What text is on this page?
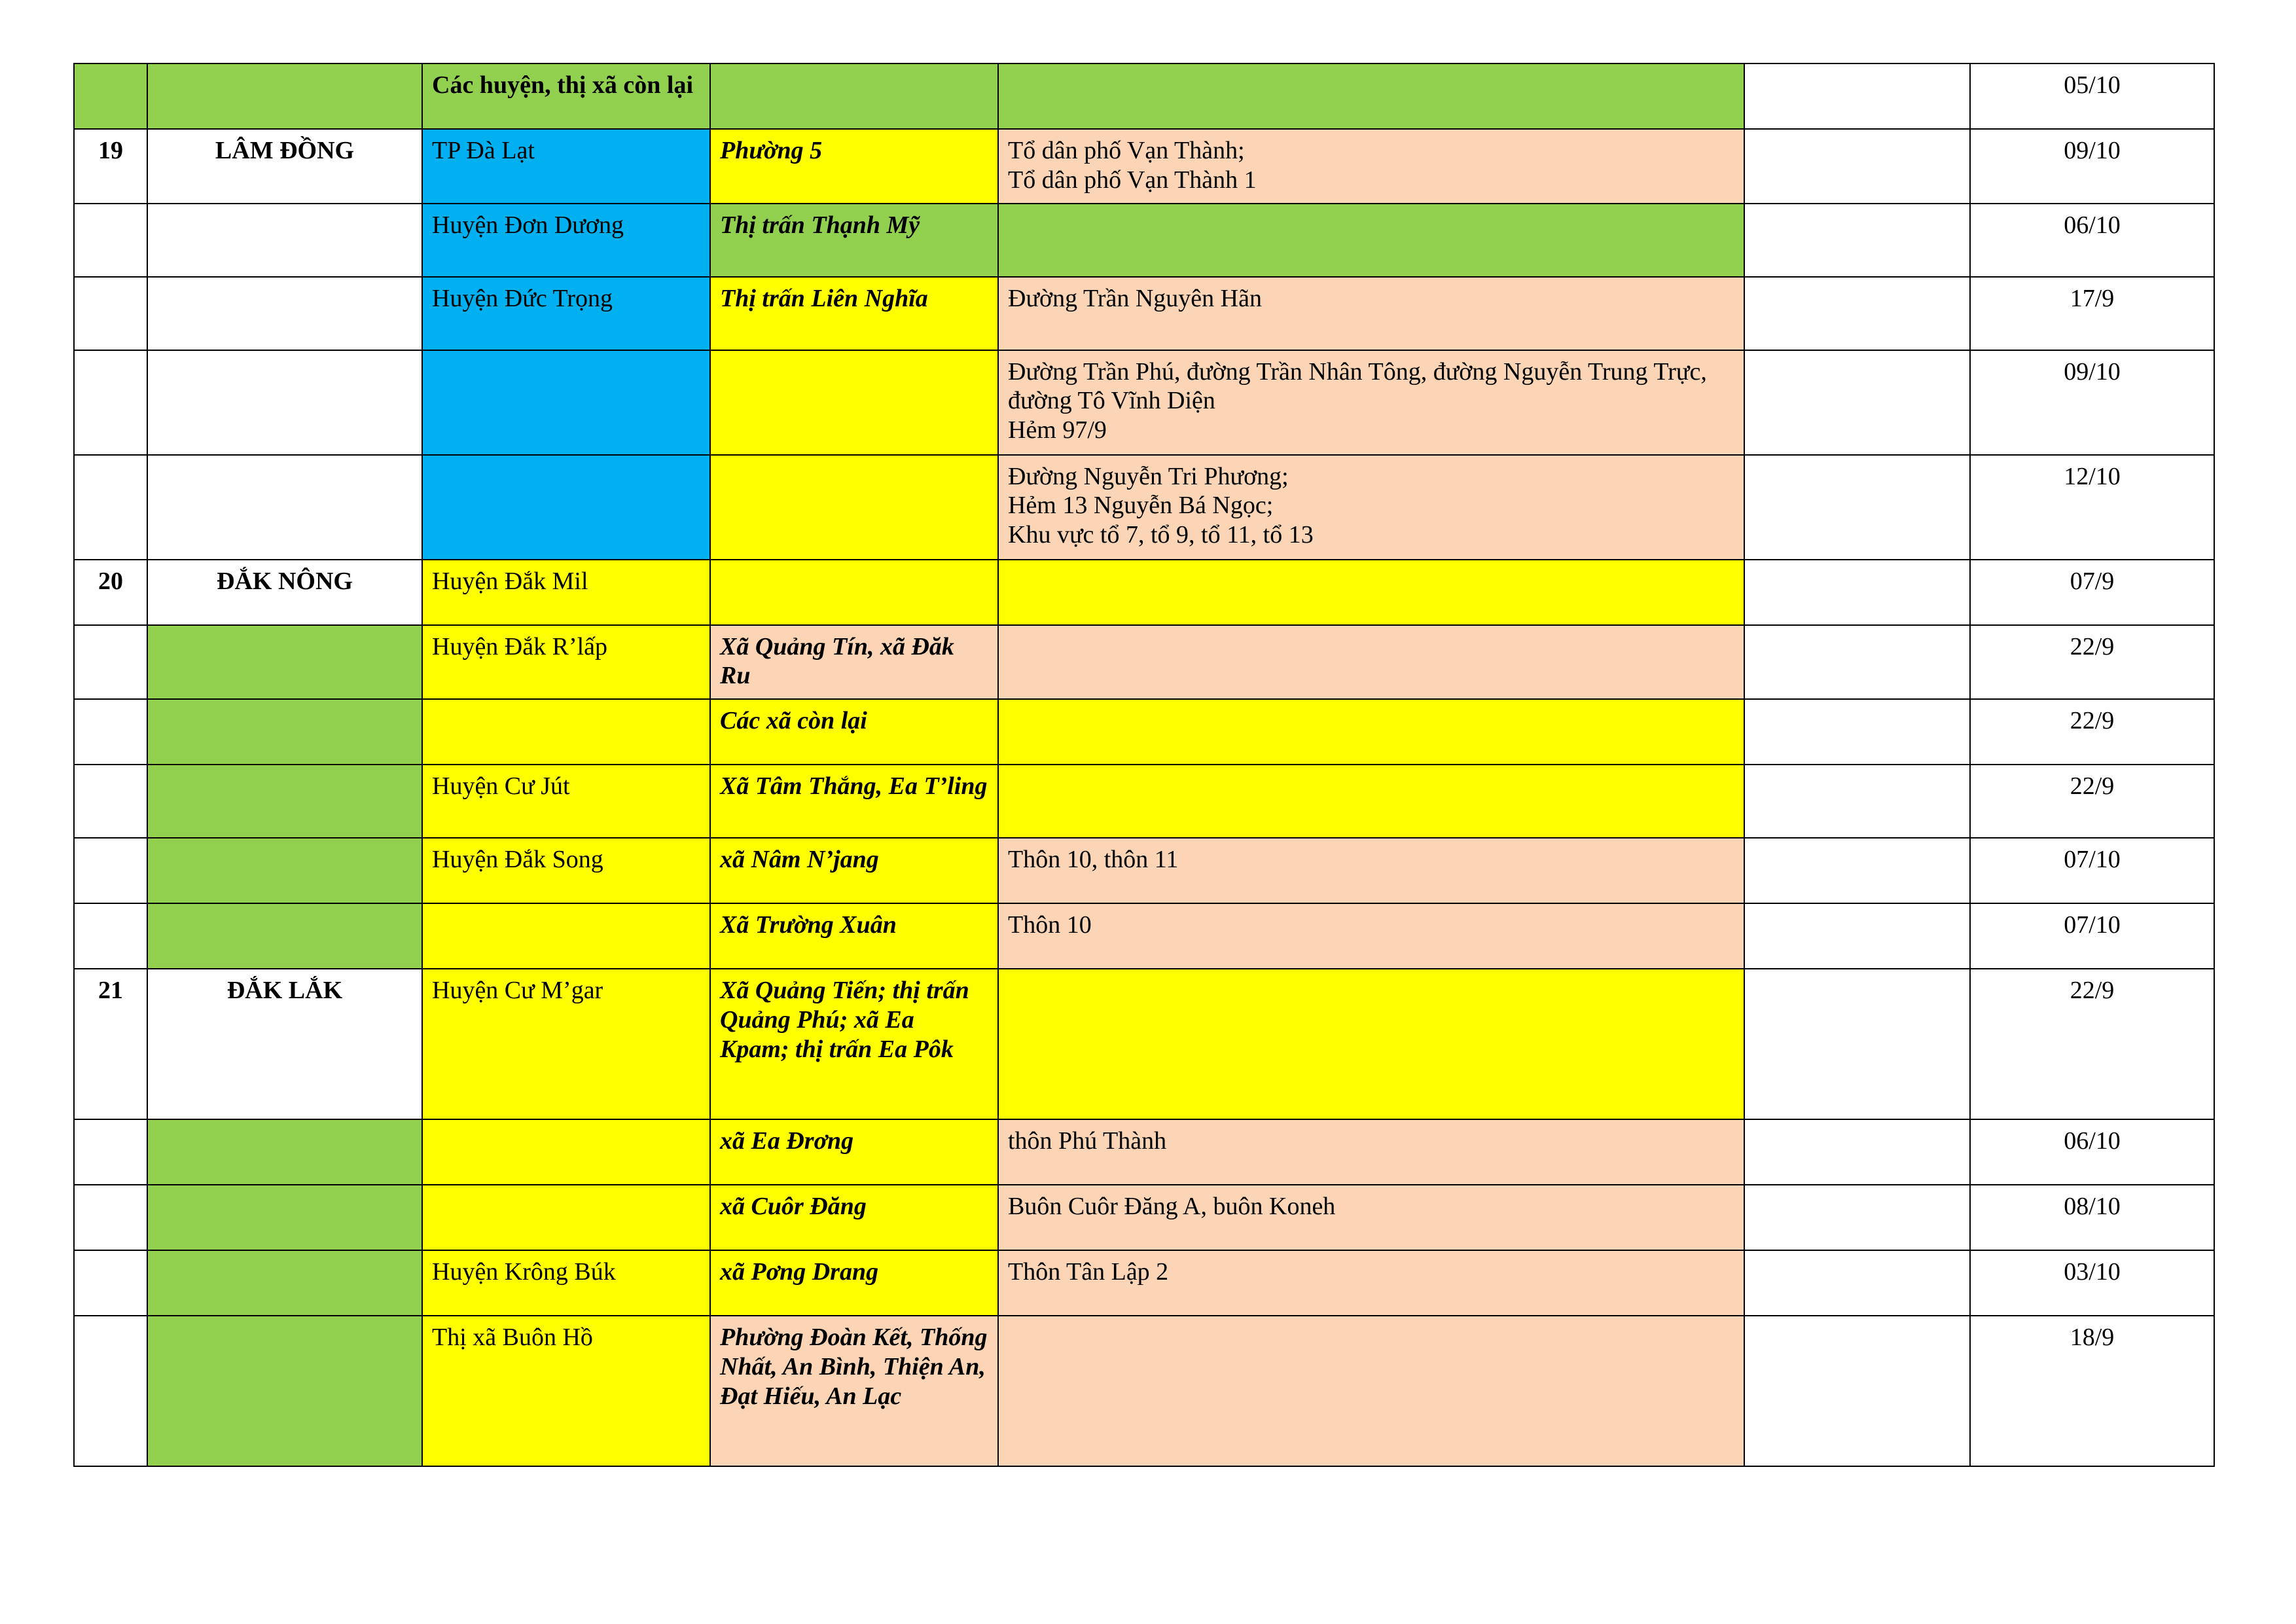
		Các huyện, thị xã còn lại				05/10
19	LÂM ĐỒNG	TP Đà Lạt	Phường 5	Tổ dân phố Vạn Thành;
Tổ dân phố Vạn Thành 1		09/10
		Huyện Đơn Dương	Thị trấn Thạnh Mỹ			06/10
		Huyện Đức Trọng	Thị trấn Liên Nghĩa	Đường Trần Nguyên Hãn		17/9

				Đường Trần Phú, đường Trần Nhân Tông, đường Nguyễn Trung Trực, đường Tô Vĩnh Diện
Hẻm 97/9		09/10

				Đường Nguyễn Tri Phương;
Hẻm 13 Nguyễn Bá Ngọc;
Khu vực tổ 7, tổ 9, tổ 11, tổ 13		12/10
20	ĐẮK NÔNG	Huyện Đắk Mil				07/9
		Huyện Đắk R’lấp	Xã Quảng Tín, xã Đăk Ru			22/9
			Các xã còn lại			22/9
		Huyện Cư Jút	Xã Tâm Thắng, Ea T’ling			22/9
		Huyện Đắk Song	xã Nâm N’jang	Thôn 10, thôn 11		07/10
			Xã Trường Xuân	Thôn 10		07/10
21	ĐẮK LẮK	Huyện Cư M’gar	Xã Quảng Tiến; thị trấn Quảng Phú; xã Ea Kpam; thị trấn Ea Pôk			22/9
			xã Ea Đrơng	thôn Phú Thành		06/10
			xã Cuôr Đăng	Buôn Cuôr Đăng A, buôn Koneh		08/10
		Huyện Krông Búk	xã Pơng Drang	Thôn Tân Lập 2		03/10
		Thị xã Buôn Hồ	Phường Đoàn Kết, Thống Nhất, An Bình, Thiện An, Đạt Hiếu, An Lạc			18/9
